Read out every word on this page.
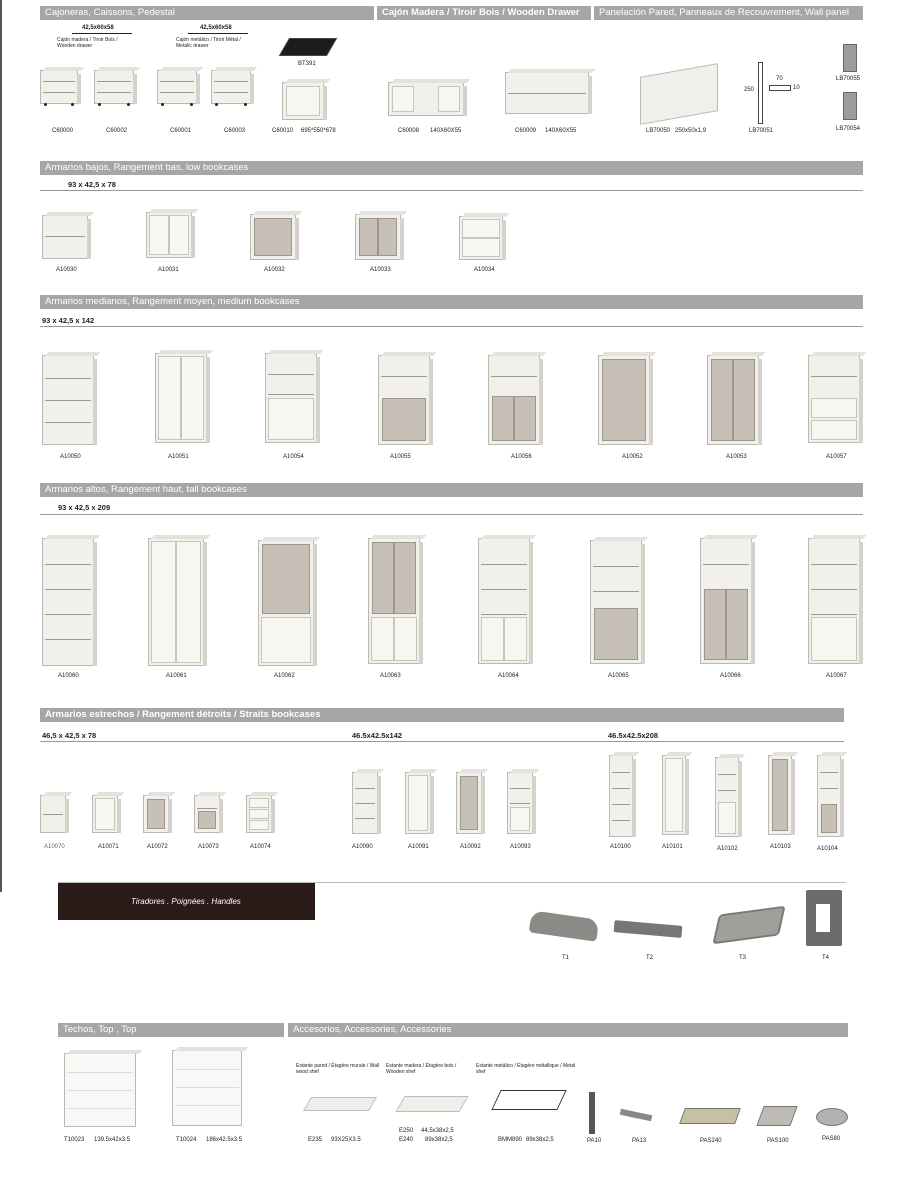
Cajoneras, Caissons, Pedestal	Cajón Madera / Tiroir Bois / Wooden Drawer	Panelación Pared, Panneaux de Recouvrement, Wall panel
42,5x60x58
Cajón madera / Tiroir Bois / Wooden drawer
42,5x60x58
Cajón metálico / Tiroir Métal / Metalic drawer
BT391
C60000	C60002	C60001	C60003	C60010 695*550*678	C60008 140X60X55	C60009 140X60X55	LB70050 250x50x1,9
250
70
10
LB70051
LB70055
LB70054
Armarios bajos, Rangement bas, low bookcases
93 x 42,5 x 78
A10030	A10031	A10032	A10033	A10034
Armarios medianos, Rangement moyen, medium bookcases
93 x 42,5 x 142
A10050	A10051	A10054	A10055	A10056	A10052	A10053	A10057
Armarios altos, Rangement haut, tall bookcases
93 x 42,5 x 209
A10060	A10061	A10062	A10063	A10064	A10065	A10066	A10067
Armarios estrechos / Rangement détroits / Straits bookcases
46,5 x 42,5 x 78	46.5x42.5x142	46.5x42.5x208
A10070	A10071	A10072	A10073	A10074	A10090	A10091	A10092	A10093	A10100	A10101	A10102	A10103	A10104
Tiradores . Poignées . Handles
T1	T2	T3	T4
Techos, Top , Top	Accesorios, Accessories, Accessories
T10023 139.5x42x3.5	T10024 186x42.5x3.5
Estante pared / Étagère murale / Wall wood shef
Estante madera / Étagère bois / Wooden shef
Estante metálico / Étagère métallique / Metal shef
E235 93X25X3.5
E250 44,5x38x2,5
E240 89x38x2,5	BMM890 89x38x2,5	PA10	PA13	PAS240	PAS100	PAS80
